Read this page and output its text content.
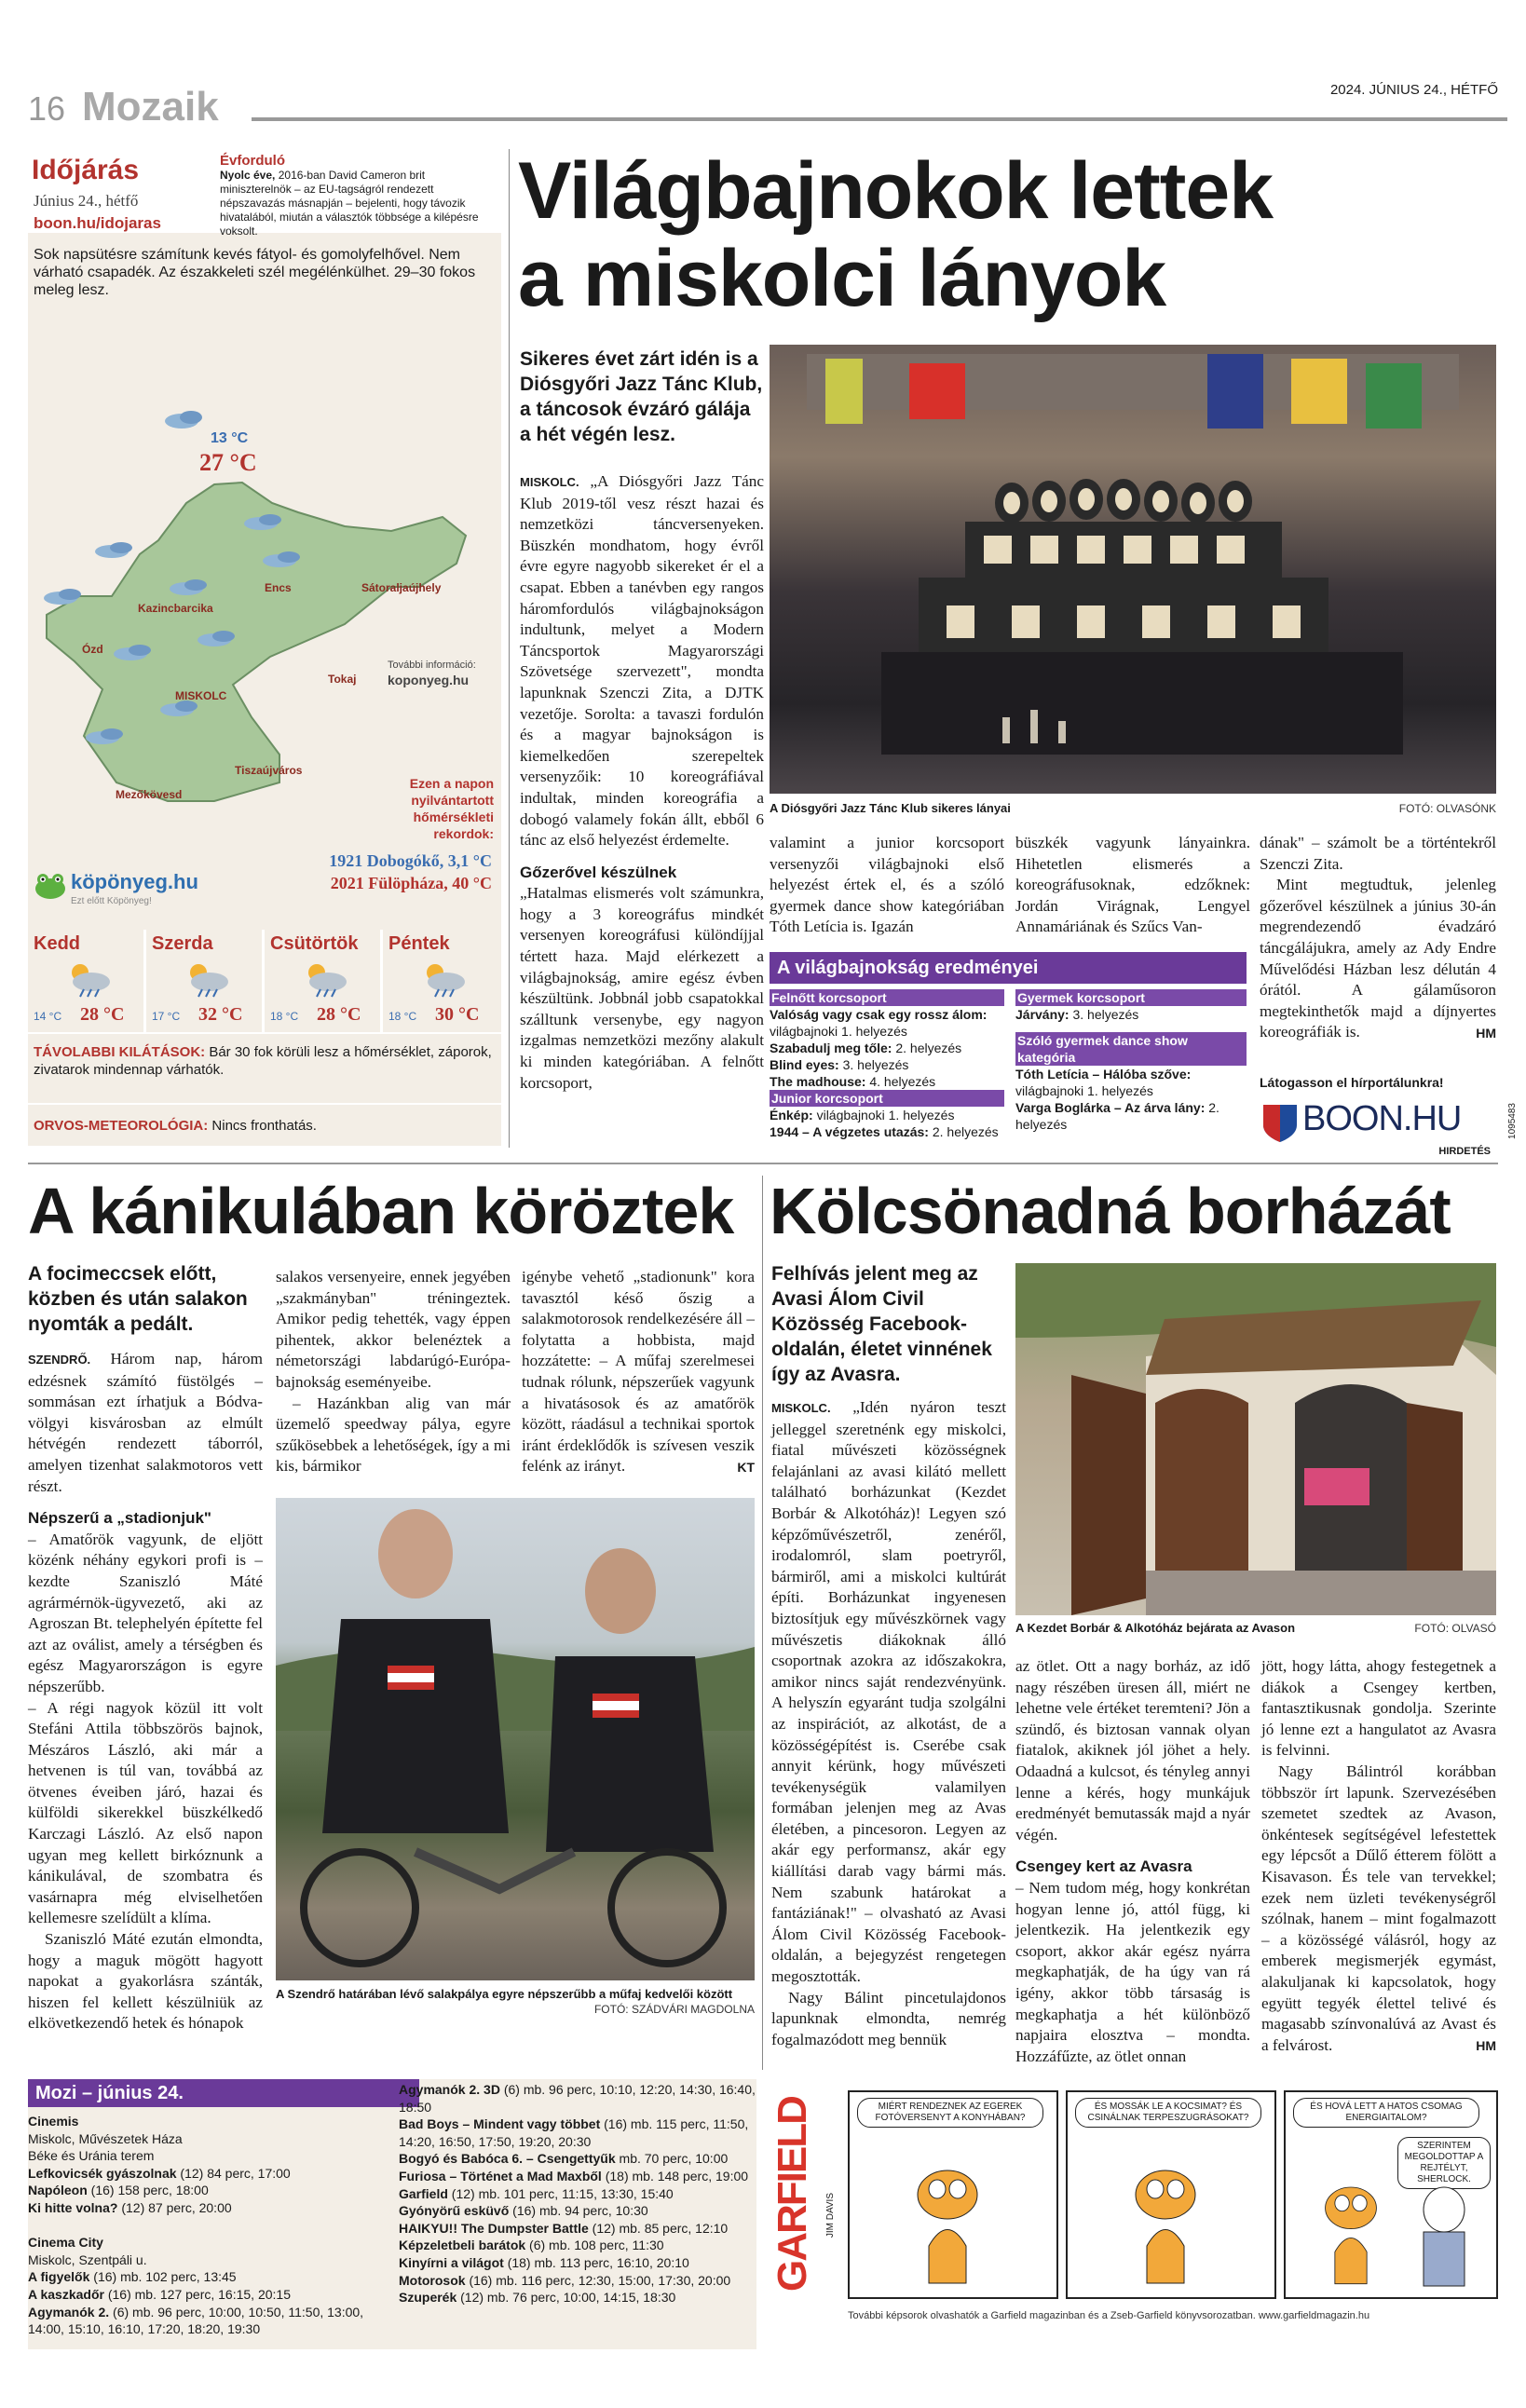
16 Mozaik	2024. JÚNIUS 24., HÉTFŐ
Időjárás
Június 24., hétfő
boon.hu/idojaras
Évforduló
Nyolc éve, 2016-ban David Cameron brit miniszterelnök – az EU-tagságról rendezett népszavazás másnapján – bejelenti, hogy távozik hivatalából, miután a választók többsége a kilépésre voksolt.
Sok napsütésre számítunk kevés fátyol- és gomolyfelhővel. Nem várható csapadék. Az északkeleti szél megélénkülhet. 29–30 fokos meleg lesz.
13 °C
27 °C
Sátoraljaújhely
Encs
Kazincbarcika
Ózd
Tokaj
MISKOLC
Tiszaújváros
Mezőkövesd
További információ:
koponyeg.hu
Ezen a napon nyilvántartott hőmérsékleti rekordok:
1921 Dobogókő, 3,1 °C
2021 Fülöpháza, 40 °C
köpönyeg.hu
Ezt előtt Köpönyeg!
Kedd
14 °C 28 °C
Szerda
17 °C 32 °C
Csütörtök
18 °C 28 °C
Péntek
18 °C 30 °C
TÁVOLABBI KILÁTÁSOK: Bár 30 fok körüli lesz a hőmérséklet, záporok, zivatarok mindennap várhatók.
ORVOS-METEOROLÓGIA: Nincs fronthatás.
Világbajnokok lettek
a miskolci lányok
Sikeres évet zárt idén is a Diósgyőri Jazz Tánc Klub, a táncosok évzáró gálája a hét végén lesz.

MISKOLC. „A Diósgyőri Jazz Tánc Klub 2019-től vesz részt hazai és nemzetközi táncversenyeken. Büszkén mondhatom, hogy évről évre egyre nagyobb sikereket ér el a csapat. Ebben a tanévben egy rangos háromfordulós világbajnokságon indultunk, melyet a Modern Táncsportok Magyarországi Szövetsége szervezett", mondta lapunknak Szenczi Zita, a DJTK vezetője. Sorolta: a tavaszi fordulón és a magyar bajnokságon is kiemelkedően szerepeltek versenyzőik: 10 koreográfiával indultak, minden koreográfia a dobogó valamely fokán állt, ebből 6 tánc az első helyezést érdemelte.

Gőzerővel készülnek

„Hatalmas elismerés volt számunkra, hogy a 3 koreográfus mindkét versenyen koreográfusi különdíjjal tértett haza. Majd elérkezett a világbajnokság, amire egész évben készültünk. Jobbnál jobb csapatokkal szálltunk versenybe, egy nagyon izgalmas nemzetközi mezőny alakult ki minden kategóriában. A felnőtt korcsoport,

A Diósgyőri Jazz Tánc Klub sikeres lányai	FOTÓ: OLVASÓNK

valamint a junior korcsoport versenyzői világbajnoki első helyezést értek el, és a szóló gyermek dance show kategóriában Tóth Letícia is. Igazán

büszkék vagyunk lányainkra. Hihetetlen elismerés a koreográfusoknak, edzőknek: Jordán Virágnak, Lengyel Annamáriának és Szűcs Van-

dának" – számolt be a történtekről Szenczi Zita.

Mint megtudtuk, jelenleg gőzerővel készülnek a június 30-án megrendezendő évadzáró táncgálájukra, amely az Ady Endre Művelődési Házban lesz délután 4 órától. A gálaműsoron megtekinthetők majd a díjnyertes koreográfiák is.	HM
A világbajnokság eredményei
Felnőtt korcsoport
Valóság vagy csak egy rossz álom: világbajnoki 1. helyezés
Szabadulj meg tőle: 2. helyezés
Blind eyes: 3. helyezés
The madhouse: 4. helyezés
Junior korcsoport
Énkép: világbajnoki 1. helyezés
1944 – A végzetes utazás: 2. helyezés
Gyermek korcsoport
Járvány: 3. helyezés
Szóló gyermek dance show kategória
Tóth Letícia – Hálóba szőve: világbajnoki 1. helyezés
Varga Boglárka – Az árva lány: 2. helyezés
Látogasson el hírportálunkra!
BOON.HU
HIRDETÉS
1095483
A kánikulában köröztek
A focimeccsek előtt, közben és után salakon nyomták a pedált.

SZENDRŐ. Három nap, három edzésnek számító füstölgés – sommásan ezt írhatjuk a Bódva-völgyi kisvárosban az elmúlt hétvégén rendezett táborról, amelyen tizenhat salakmotoros vett részt.

Népszerű a „stadionjuk"

– Amatőrök vagyunk, de eljött közénk néhány egykori profi is – kezdte Szaniszló Máté agrármérnök-ügyvezető, aki az Agroszan Bt. telephelyén építette fel azt az oválist, amely a térségben és egész Magyarországon is egyre népszerűbb.

– A régi nagyok közül itt volt Stefáni Attila többszörös bajnok, Mészáros László, aki már a hetvenen is túl van, továbbá az ötvenes éveiben járó, hazai és külföldi sikerekkel büszkélkedő Karczagi László. Az első napon ugyan meg kellett birkóznunk a kánikulával, de szombatra és vasárnapra még elviselhetően kellemesre szelídült a klíma.

Szaniszló Máté ezután elmondta, hogy a maguk mögött hagyott napokat a gyakorlásra szánták, hiszen fel kellett készülniük az elkövetkezendő hetek és hónapok

salakos versenyeire, ennek jegyében „szakmányban" tréningeztek. Amikor pedig tehették, vagy éppen pihentek, akkor belenéztek a németországi labdarúgó-Európa-bajnokság eseményeibe.

– Hazánkban alig van már üzemelő speedway pálya, egyre szűkösebbek a lehetőségek, így a mi kis, bármikor

igénybe vehető „stadionunk" kora tavasztól késő őszig a salakmotorosok rendelkezésére áll – folytatta a hobbista, majd hozzátette: – A műfaj szerelmesei tudnak rólunk, népszerűek vagyunk a hivatásosok és az amatőrök között, ráadásul a technikai sportok iránt érdeklődők is szívesen veszik felénk az irányt.	KT
A Szendrő határában lévő salakpálya egyre népszerűbb a műfaj kedvelői között
FOTÓ: SZÁDVÁRI MAGDOLNA
Kölcsönadná borházát
Felhívás jelent meg az Avasi Álom Civil Közösség Facebook-oldalán, életet vinnének így az Avasra.

MISKOLC. „Idén nyáron teszt jelleggel szeretnénk egy miskolci, fiatal művészeti közösségnek felajánlani az avasi kilátó mellett található borházunkat (Kezdet Borbár & Alkotóház)! Legyen szó képzőművészetről, zenéről, irodalomról, slam poetryről, bármiről, ami a miskolci kultúrát építi. Borházunkat ingyenesen biztosítjuk egy művészkörnek vagy művészetis diákoknak álló csoportnak azokra az időszakokra, amikor nincs saját rendezvényünk. A helyszín egyaránt tudja szolgálni az inspirációt, az alkotást, de a közösségépítést is. Cserébe csak annyit kérünk, hogy művészeti tevékenységük valamilyen formában jelenjen meg az Avas életében, a pincesoron. Legyen az akár egy performansz, akár egy kiállítási darab vagy bármi más. Nem szabunk határokat a fantáziának!" – olvasható az Avasi Álom Civil Közösség Facebook-oldalán, a bejegyzést rengetegen megosztották.

Nagy Bálint pincetulajdonos lapunknak elmondta, nemrég fogalmazódott meg bennük

A Kezdet Borbár & Alkotóház bejárata az Avason	FOTÓ: OLVASÓ

az ötlet. Ott a nagy borház, az idő nagy részében üresen áll, miért ne lehetne vele értéket teremteni? Jön a szündő, és biztosan vannak olyan fiatalok, akiknek jól jöhet a hely. Odaadná a kulcsot, és tényleg annyi lenne a kérés, hogy munkájuk eredményét bemutassák majd a nyár végén.

Csengey kert az Avasra

– Nem tudom még, hogy konkrétan hogyan lenne jó, attól függ, ki jelentkezik. Ha jelentkezik egy csoport, akkor akár egész nyárra megkaphatják, de ha úgy van rá igény, akkor több társaság is megkaphatja a hét különböző napjaira elosztva – mondta. Hozzáfűzte, az ötlet onnan

jött, hogy látta, ahogy festegetnek a diákok a Csengey kertben, fantasztikusnak gondolja. Szerinte jó lenne ezt a hangulatot az Avasra is felvinni.

Nagy Bálintról korábban többször írt lapunk. Szervezésében szemetet szedtek az Avason, önkéntesek segítségével lefestettek egy lépcsőt a Dűlő étterem fölött a Kisavason. És tele van tervekkel; ezek nem üzleti tevékenységről szólnak, hanem – mint fogalmazott – a közösségé válásról, hogy az emberek megismerjék egymást, alakuljanak ki kapcsolatok, hogy együtt tegyék élettel telivé és magasabb színvonalúvá az Avast és a felvárost.	HM
Mozi – június 24.
Cinemis
Miskolc, Művészetek Háza
Béke és Uránia terem
Lefkovicsék gyászolnak (12) 84 perc, 17:00
Napóleon (16) 158 perc, 18:00
Ki hitte volna? (12) 87 perc, 20:00

Cinema City
Miskolc, Szentpáli u.
A figyelők (16) mb. 102 perc, 13:45
A kaszkadőr (16) mb. 127 perc, 16:15, 20:15
Agymanók 2. (6) mb. 96 perc, 10:00, 10:50, 11:50, 13:00, 14:00, 15:10, 16:10, 17:20, 18:20, 19:30
Agymanók 2. 3D (6) mb. 96 perc, 10:10, 12:20, 14:30, 16:40, 18:50
Bad Boys – Mindent vagy többet (16) mb. 115 perc, 11:50, 14:20, 16:50, 17:50, 19:20, 20:30
Bogyó és Babóca 6. – Csengettyűk mb. 70 perc, 10:00
Furiosa – Történet a Mad Maxből (18) mb. 148 perc, 19:00
Garfield (12) mb. 101 perc, 11:15, 13:30, 15:40
Gyónyörű esküvő (16) mb. 94 perc, 10:30
HAIKYU!! The Dumpster Battle (12) mb. 85 perc, 12:10
Képzeletbeli barátok (6) mb. 108 perc, 11:30
Kinyírni a világot (18) mb. 113 perc, 16:10, 20:10
Motorosok (16) mb. 116 perc, 12:30, 15:00, 17:30, 20:00
Szuperék (12) mb. 76 perc, 10:00, 14:15, 18:30
GARFIELD	JIM DAVIS
MIÉRT RENDEZNEK AZ EGEREK FOTÓVERSENYT A KONYHÁBAN?
ÉS MOSSÁK LE A KOCSIMAT? ÉS CSINÁLNAK TERPESZUGRÁSOKAT?
ÉS HOVÁ LETT A HATOS CSOMAG ENERGIAITALOM?
SZERINTEM MEGOLDOTTAP A REJTÉLYT, SHERLOCK.
További képsorok olvashatók a Garfield magazinban és a Zseb-Garfield könyvsorozatban. www.garfieldmagazin.hu
